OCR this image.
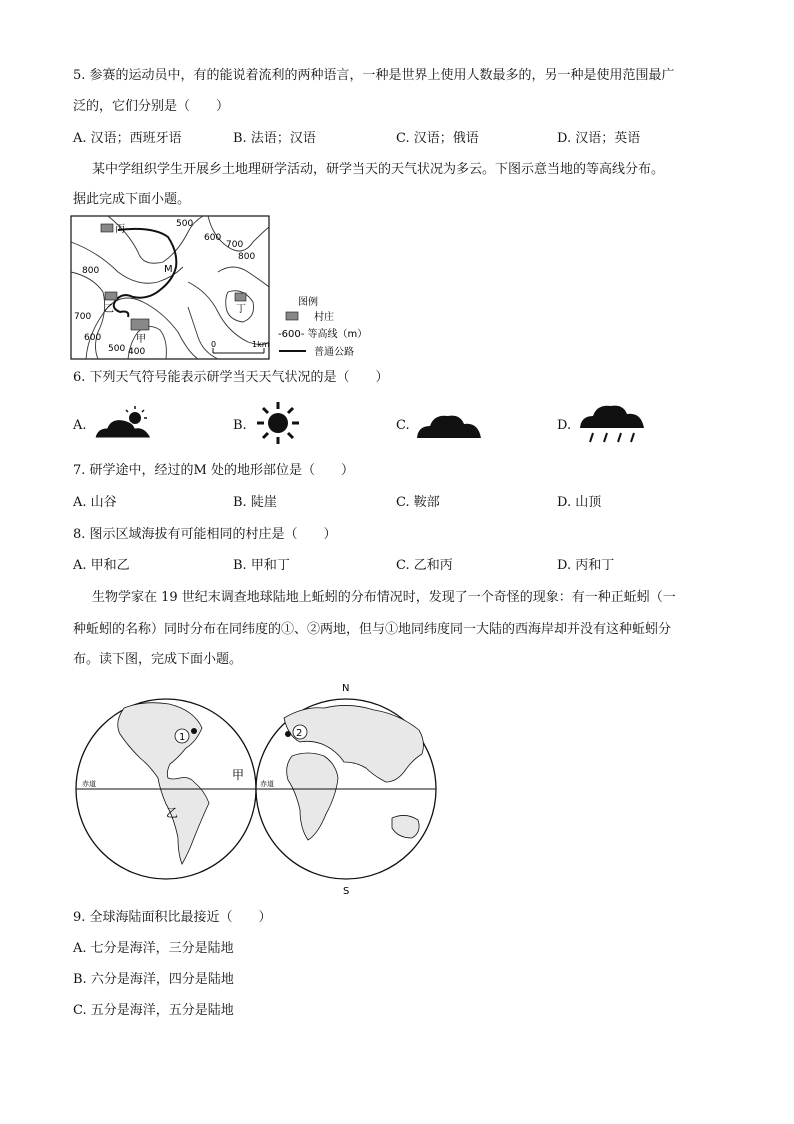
5. 参赛的运动员中，有的能说着流利的两种语言，一种是世界上使用人数最多的，另一种是使用范围最广
泛的，它们分别是（　　）
A. 汉语；西班牙语	B. 法语；汉语	C. 汉语；俄语	D. 汉语；英语
某中学组织学生开展乡土地理研学活动，研学当天的天气状况为多云。下图示意当地的等高线分布。
据此完成下面小题。
丙	500
600
700
800
800	M
700
乙
600
500
甲
400
丁
0	1km
图例
村庄
-600- 等高线（m）
普通公路
6. 下列天气符号能表示研学当天天气状况的是（　　）
A.	B.	C.	D.
7. 研学途中，经过的M 处的地形部位是（　　）
A. 山谷	B. 陡崖	C. 鞍部	D. 山顶
8. 图示区域海拔有可能相同的村庄是（　　）
A. 甲和乙	B. 甲和丁	C. 乙和丙	D. 丙和丁
生物学家在 19 世纪末调查地球陆地上蚯蚓的分布情况时，发现了一个奇怪的现象：有一种正蚯蚓（一
种蚯蚓的名称）同时分布在同纬度的①、②两地，但与①地同纬度同一大陆的西海岸却并没有这种蚯蚓分
布。读下图，完成下面小题。
赤道	赤道
N
S
1	2
甲
乙
9. 全球海陆面积比最接近（　　）
A. 七分是海洋，三分是陆地
B. 六分是海洋，四分是陆地
C. 五分是海洋，五分是陆地
